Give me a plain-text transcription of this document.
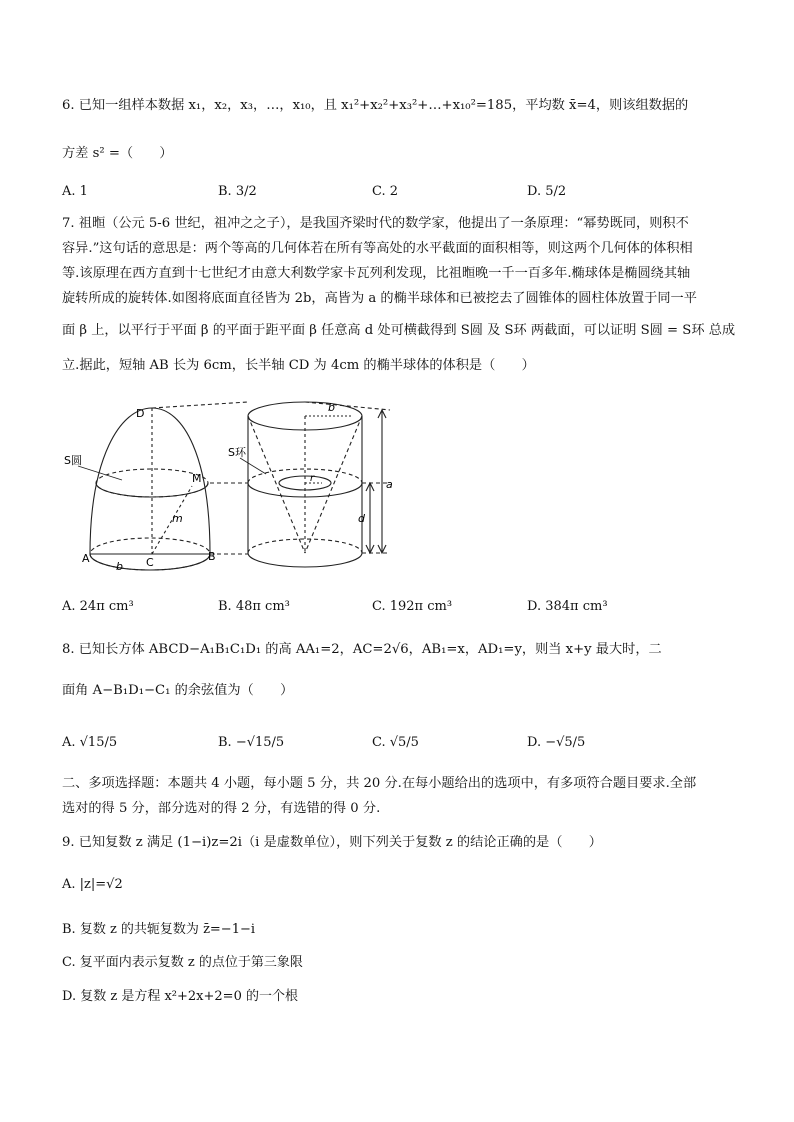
6. 已知一组样本数据 x₁，x₂，x₃，…，x₁₀，且 x₁²+x₂²+x₃²+…+x₁₀²=185，平均数 x̄=4，则该组数据的
方差 s² =（　　）
A. 1	B. 3/2	C. 2	D. 5/2
7. 祖暅（公元 5-6 世纪，祖冲之之子），是我国齐梁时代的数学家，他提出了一条原理：“幂势既同，则积不
容异.”这句话的意思是：两个等高的几何体若在所有等高处的水平截面的面积相等，则这两个几何体的体积相
等.该原理在西方直到十七世纪才由意大利数学家卡瓦列利发现，比祖暅晚一千一百多年.椭球体是椭圆绕其轴
旋转所成的旋转体.如图将底面直径皆为 2b，高皆为 a 的椭半球体和已被挖去了圆锥体的圆柱体放置于同一平
面 β 上，以平行于平面 β 的平面于距平面 β 任意高 d 处可横截得到 S圆 及 S环 两截面，可以证明 S圆 = S环 总成
立.据此，短轴 AB 长为 6cm，长半轴 CD 为 4cm 的椭半球体的体积是（　　）
D
S圆
M
m
A	C	B
b
b
S环
r	a
d
A. 24π cm³	B. 48π cm³	C. 192π cm³	D. 384π cm³
8. 已知长方体 ABCD−A₁B₁C₁D₁ 的高 AA₁=2，AC=2√6，AB₁=x，AD₁=y，则当 x+y 最大时，二
面角 A−B₁D₁−C₁ 的余弦值为（　　）
A. √15/5	B. −√15/5	C. √5/5	D. −√5/5
二、多项选择题：本题共 4 小题，每小题 5 分，共 20 分.在每小题给出的选项中，有多项符合题目要求.全部
选对的得 5 分，部分选对的得 2 分，有选错的得 0 分.
9. 已知复数 z 满足 (1−i)z=2i（i 是虚数单位），则下列关于复数 z 的结论正确的是（　　）
A. |z|=√2
B. 复数 z 的共轭复数为 z̄=−1−i
C. 复平面内表示复数 z 的点位于第三象限
D. 复数 z 是方程 x²+2x+2=0 的一个根
